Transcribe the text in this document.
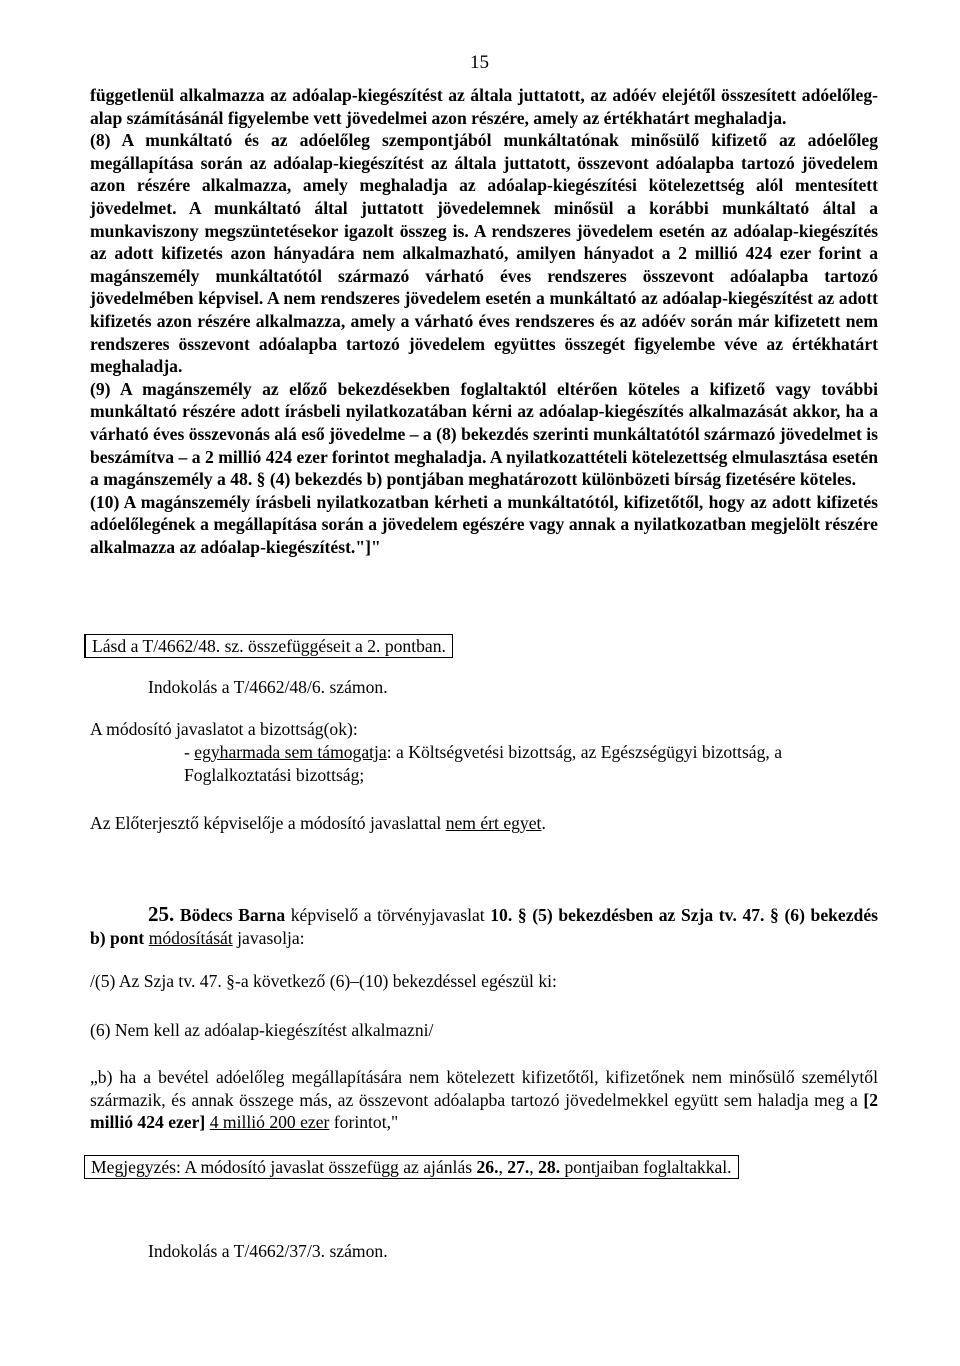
15

függetlenül alkalmazza az adóalap-kiegészítést az általa juttatott, az adóév elejétől összesített adóelőleg-alap számításánál figyelembe vett jövedelmei azon részére, amely az értékhatárt meghaladja.

(8) A munkáltató és az adóelőleg szempontjából munkáltatónak minősülő kifizető az adóelőleg megállapítása során az adóalap-kiegészítést az általa juttatott, összevont adóalapba tartozó jövedelem azon részére alkalmazza, amely meghaladja az adóalap-kiegészítési kötelezettség alól mentesített jövedelmet. A munkáltató által juttatott jövedelemnek minősül a korábbi munkáltató által a munkaviszony megszüntetésekor igazolt összeg is. A rendszeres jövedelem esetén az adóalap-kiegészítés az adott kifizetés azon hányadára nem alkalmazható, amilyen hányadot a 2 millió 424 ezer forint a magánszemély munkáltatótól származó várható éves rendszeres összevont adóalapba tartozó jövedelmében képvisel. A nem rendszeres jövedelem esetén a munkáltató az adóalap-kiegészítést az adott kifizetés azon részére alkalmazza, amely a várható éves rendszeres és az adóév során már kifizetett nem rendszeres összevont adóalapba tartozó jövedelem együttes összegét figyelembe véve az értékhatárt meghaladja.

(9) A magánszemély az előző bekezdésekben foglaltaktól eltérően köteles a kifizető vagy további munkáltató részére adott írásbeli nyilatkozatában kérni az adóalap-kiegészítés alkalmazását akkor, ha a várható éves összevonás alá eső jövedelme – a (8) bekezdés szerinti munkáltatótól származó jövedelmet is beszámítva – a 2 millió 424 ezer forintot meghaladja. A nyilatkozattételi kötelezettség elmulasztása esetén a magánszemély a 48. § (4) bekezdés b) pontjában meghatározott különbözeti bírság fizetésére köteles.

(10) A magánszemély írásbeli nyilatkozatban kérheti a munkáltatótól, kifizetőtől, hogy az adott kifizetés adóelőlegének a megállapítása során a jövedelem egészére vagy annak a nyilatkozatban megjelölt részére alkalmazza az adóalap-kiegészítést."]"

Lásd a T/4662/48. sz. összefüggéseit a 2. pontban.
Indokolás a T/4662/48/6. számon.
A módosító javaslatot a bizottság(ok):
- egyharmada sem támogatja: a Költségvetési bizottság, az Egészségügyi bizottság, a
Foglalkoztatási bizottság;
Az Előterjesztő képviselője a módosító javaslattal nem ért egyet.
25. Bödecs Barna képviselő a törvényjavaslat 10. § (5) bekezdésben az Szja tv. 47. § (6) bekezdés b) pont módosítását javasolja:
/(5) Az Szja tv. 47. §-a következő (6)–(10) bekezdéssel egészül ki:
(6) Nem kell az adóalap-kiegészítést alkalmazni/
„b) ha a bevétel adóelőleg megállapítására nem kötelezett kifizetőtől, kifizetőnek nem minősülő személytől származik, és annak összege más, az összevont adóalapba tartozó jövedelmekkel együtt sem haladja meg a [2 millió 424 ezer] 4 millió 200 ezer forintot,"
Megjegyzés: A módosító javaslat összefügg az ajánlás 26., 27., 28. pontjaiban foglaltakkal.
Indokolás a T/4662/37/3. számon.
